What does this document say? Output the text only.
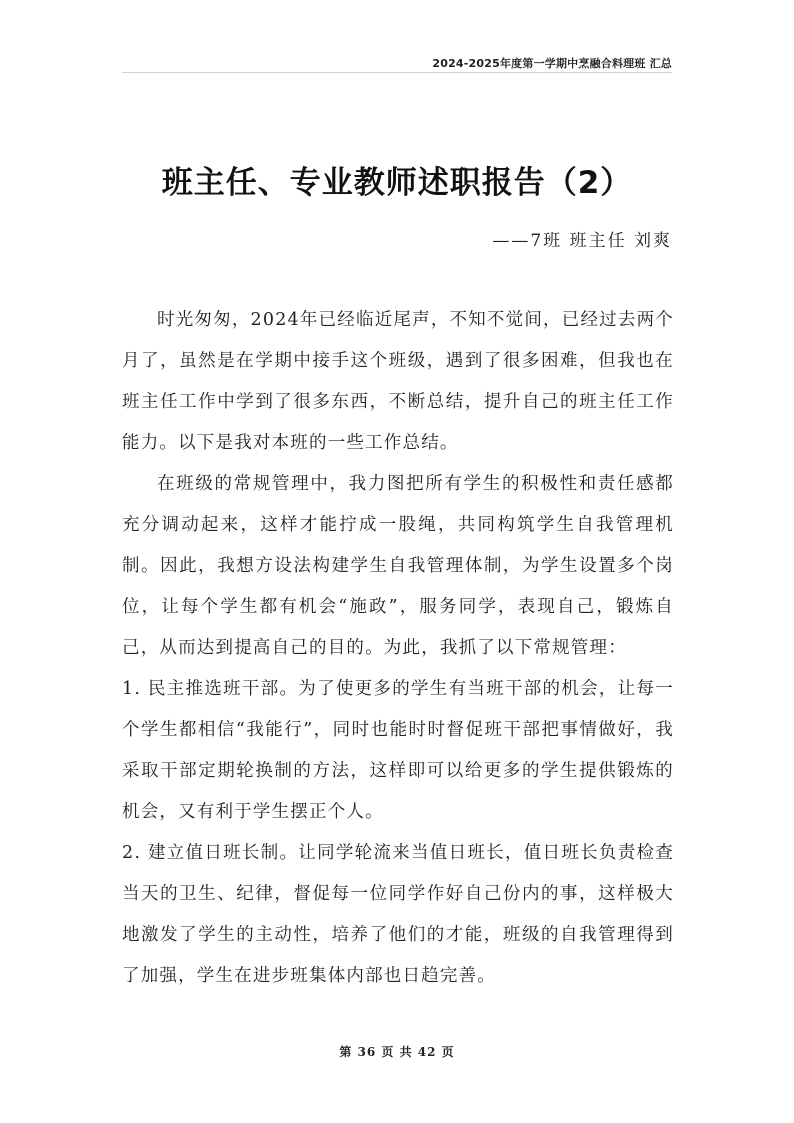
2024-2025年度第一学期中烹融合料理班 汇总
班主任、专业教师述职报告（2）
——7班 班主任 刘爽

时光匆匆，2024年已经临近尾声，不知不觉间，已经过去两个月了，虽然是在学期中接手这个班级，遇到了很多困难，但我也在班主任工作中学到了很多东西，不断总结，提升自己的班主任工作能力。以下是我对本班的一些工作总结。

在班级的常规管理中，我力图把所有学生的积极性和责任感都充分调动起来，这样才能拧成一股绳，共同构筑学生自我管理机制。因此，我想方设法构建学生自我管理体制，为学生设置多个岗位，让每个学生都有机会“施政”，服务同学，表现自己，锻炼自己，从而达到提高自己的目的。为此，我抓了以下常规管理：

1. 民主推选班干部。为了使更多的学生有当班干部的机会，让每一个学生都相信“我能行”，同时也能时时督促班干部把事情做好，我采取干部定期轮换制的方法，这样即可以给更多的学生提供锻炼的机会，又有利于学生摆正个人。

2. 建立值日班长制。让同学轮流来当值日班长，值日班长负责检查当天的卫生、纪律，督促每一位同学作好自己份内的事，这样极大地激发了学生的主动性，培养了他们的才能，班级的自我管理得到了加强，学生在进步班集体内部也日趋完善。

第 36 页 共 42 页
